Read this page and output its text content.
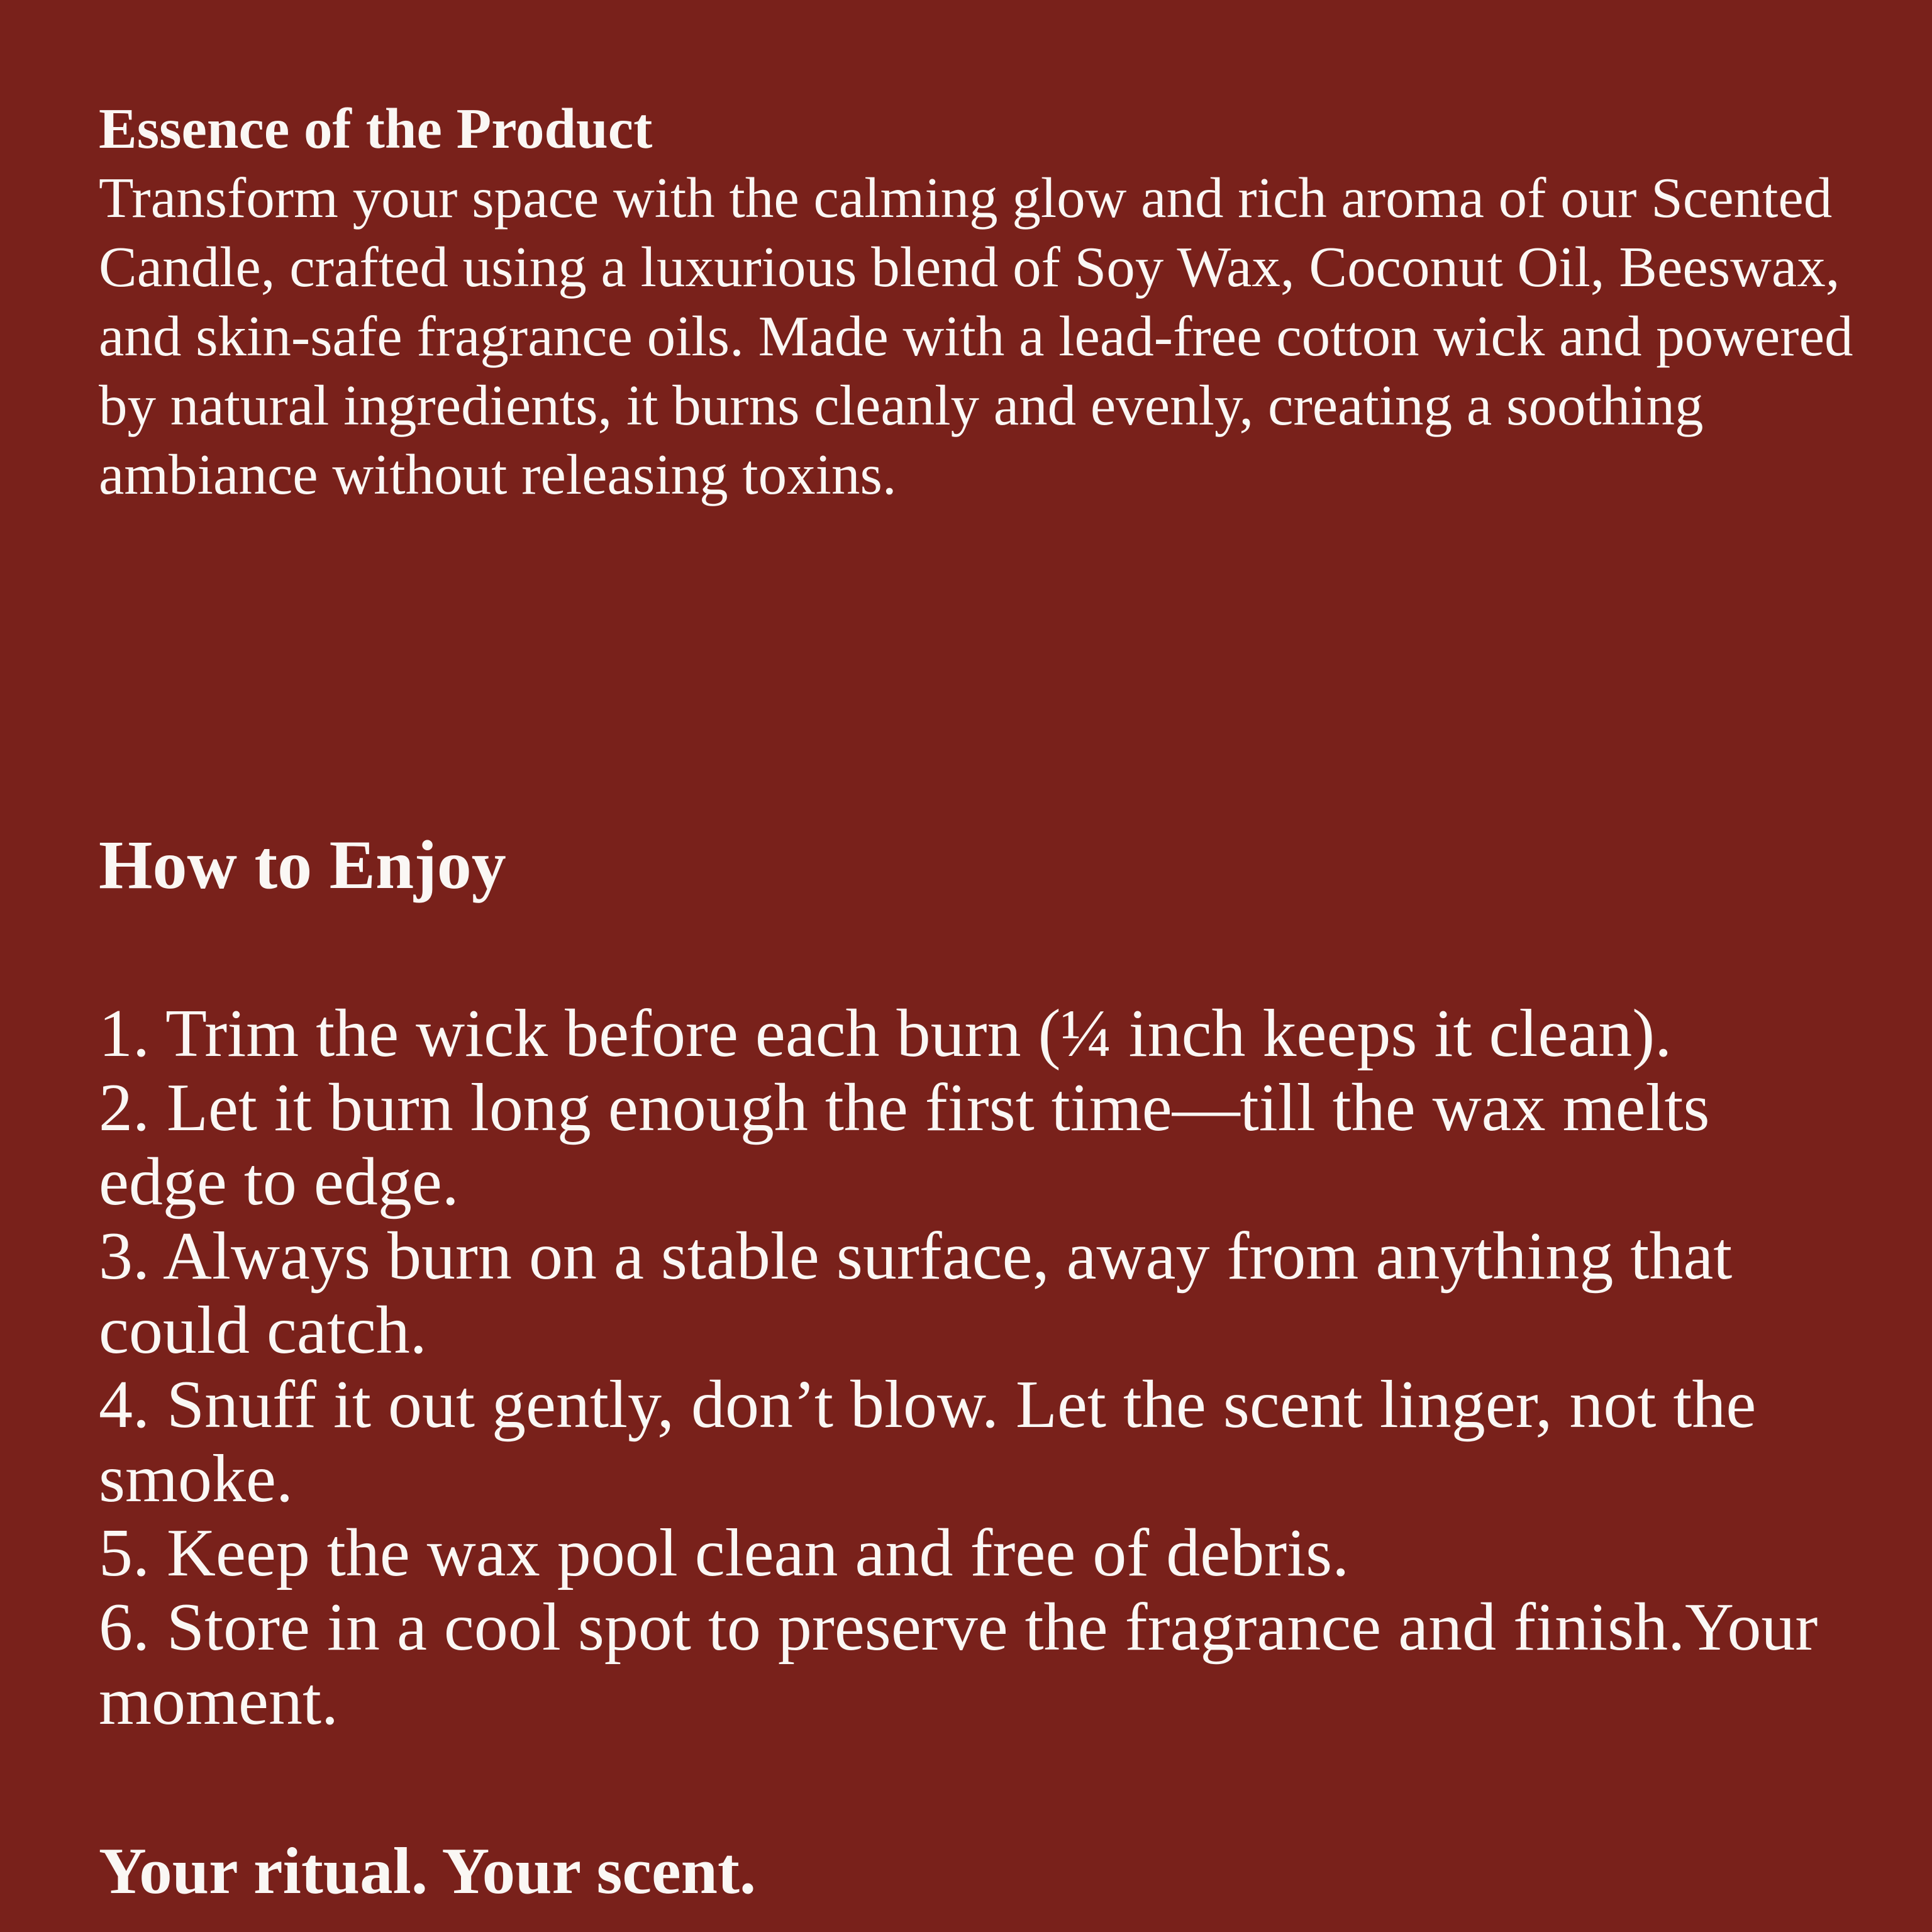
Essence of the Product

Transform your space with the calming glow and rich aroma of our Scented Candle, crafted using a luxurious blend of Soy Wax, Coconut Oil, Beeswax, and skin-safe fragrance oils. Made with a lead-free cotton wick and powered by natural ingredients, it burns cleanly and evenly, creating a soothing ambiance without releasing toxins.

How to Enjoy

1. Trim the wick before each burn (¼ inch keeps it clean).

2. Let it burn long enough the first time—till the wax melts edge to edge.

3. Always burn on a stable surface, away from anything that could catch.

4. Snuff it out gently, don’t blow. Let the scent linger, not the smoke.

5. Keep the wax pool clean and free of debris.

6. Store in a cool spot to preserve the fragrance and finish.Your moment.

Your ritual. Your scent.
